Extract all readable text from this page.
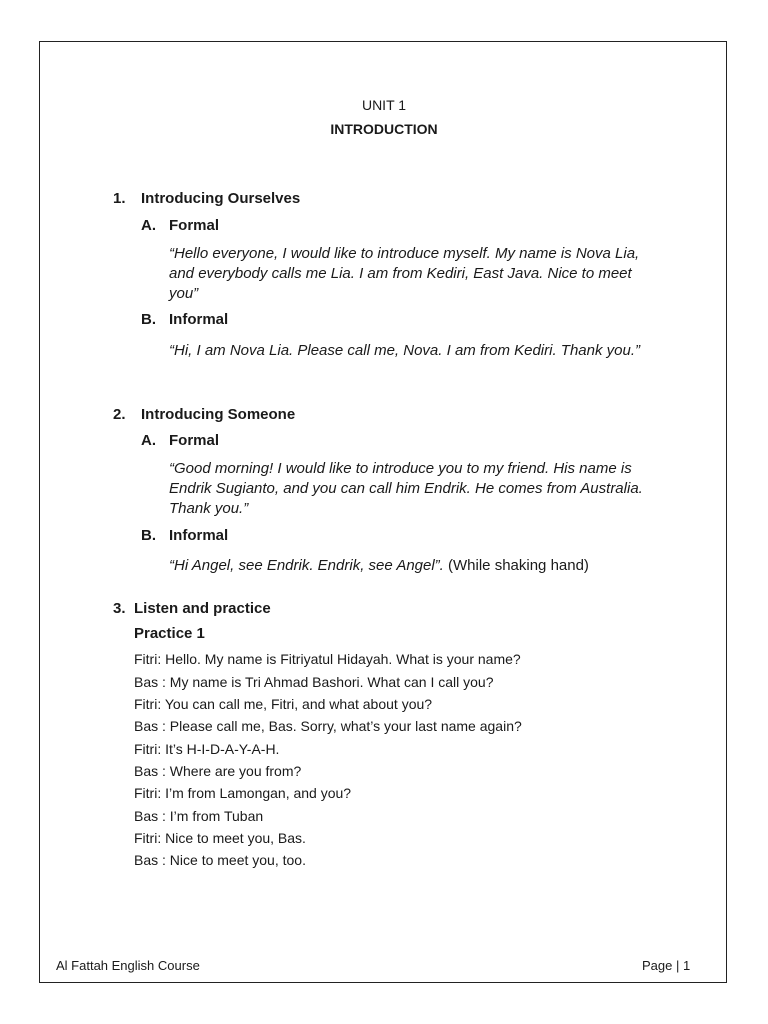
UNIT 1
INTRODUCTION
1. Introducing Ourselves
A. Formal
“Hello everyone, I would like to introduce myself. My name is Nova Lia, and everybody calls me Lia. I am from Kediri, East Java. Nice to meet you”
B. Informal
“Hi, I am Nova Lia. Please call me, Nova. I am from Kediri. Thank you.”
2. Introducing Someone
A. Formal
“Good morning! I would like to introduce you to my friend. His name is Endrik Sugianto, and you can call him Endrik. He comes from Australia. Thank you.”
B. Informal
“Hi Angel, see Endrik. Endrik, see Angel”. (While shaking hand)
3. Listen and practice
Practice 1
Fitri: Hello. My name is Fitriyatul Hidayah. What is your name?
Bas : My name is Tri Ahmad Bashori. What can I call you?
Fitri: You can call me, Fitri, and what about you?
Bas : Please call me, Bas. Sorry, what’s your last name again?
Fitri: It’s H-I-D-A-Y-A-H.
Bas : Where are you from?
Fitri: I’m from Lamongan, and you?
Bas : I’m from Tuban
Fitri: Nice to meet you, Bas.
Bas : Nice to meet you, too.
Al Fattah English Course	Page | 1
